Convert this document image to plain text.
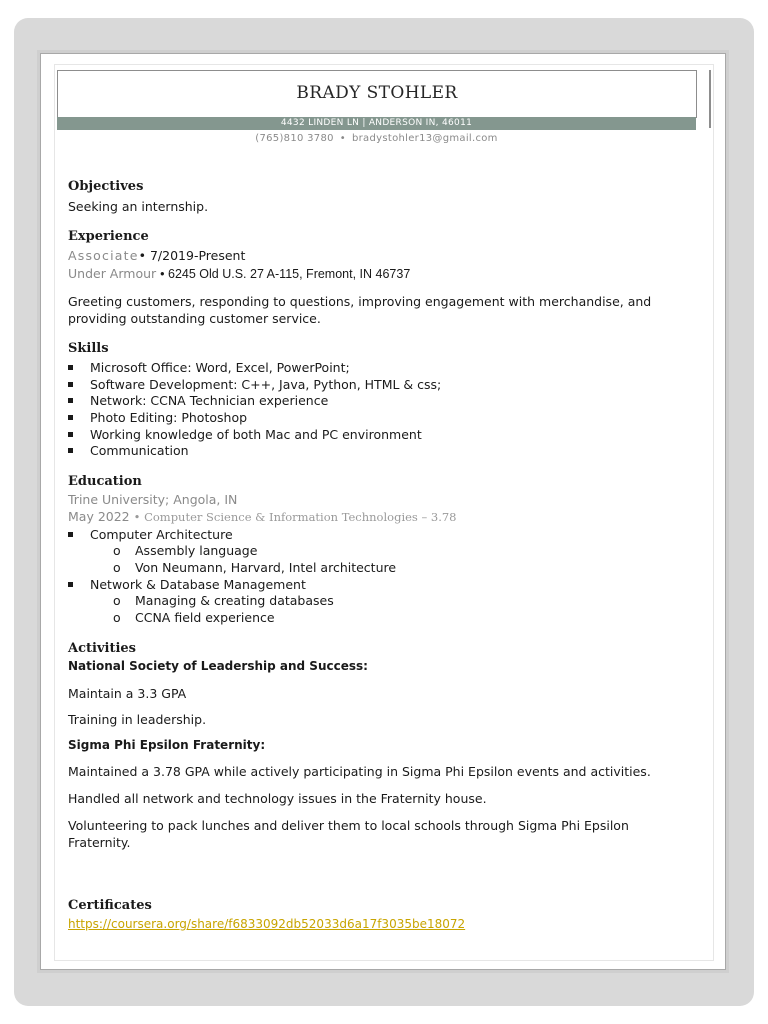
BRADY STOHLER
4432 LINDEN LN | ANDERSON IN, 46011
(765)810 3780 • bradystohler13@gmail.com
Objectives
Seeking an internship.
Experience
Associate• 7/2019-Present
Under Armour • 6245 Old U.S. 27 A-115, Fremont, IN 46737
Greeting customers, responding to questions, improving engagement with merchandise, and
providing outstanding customer service.
Skills
Microsoft Office: Word, Excel, PowerPoint;
Software Development: C++, Java, Python, HTML & css;
Network: CCNA Technician experience
Photo Editing: Photoshop
Working knowledge of both Mac and PC environment
Communication
Education
Trine University; Angola, IN
May 2022 • Computer Science & Information Technologies – 3.78
Computer Architecture
o Assembly language
o Von Neumann, Harvard, Intel architecture
Network & Database Management
o Managing & creating databases
o CCNA field experience
Activities
National Society of Leadership and Success:
Maintain a 3.3 GPA
Training in leadership.
Sigma Phi Epsilon Fraternity:
Maintained a 3.78 GPA while actively participating in Sigma Phi Epsilon events and activities.
Handled all network and technology issues in the Fraternity house.
Volunteering to pack lunches and deliver them to local schools through Sigma Phi Epsilon
Fraternity.
Certificates
https://coursera.org/share/f6833092db52033d6a17f3035be18072
